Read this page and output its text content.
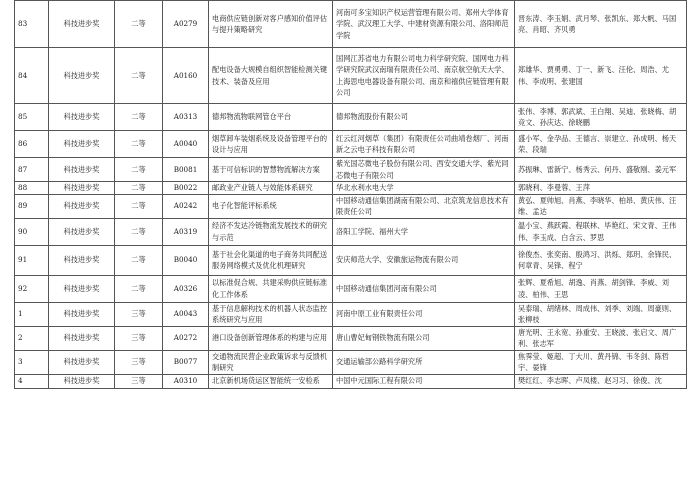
83	科技进步奖	二等	A0279	电商供应链创新对客户感知价值评估与提升策略研究	河南可多宝知识产权运营管理有限公司、郑州大学体育学院、武汉理工大学、中建材资源有限公司、洛阳师范学院	晋东涛、李玉娟、武月琴、张凯东、郑大帆、马国亮、肖昭、齐贝勇
84	科技进步奖	二等	A0160	配电设备大规模自组织智能检测关键技术、装备及应用	国网江苏省电力有限公司电力科学研究院、国网电力科学研究院武汉南瑞有限责任公司、南京航空航天大学、上海思电电器设备有限公司、南京和禧供应链管理有限公司	郑雄华、贾勇勇、丁一、新飞、汪伦、周浩、尤伟、李成明、张建国
85	科技进步奖	二等	A0313	德邦物流物联网管仓平台	德邦物流股份有限公司	张伟、李博、郭武斌、王白翔、吴迪、张晓梅、胡竞文、孙庆达、徐晓鹏
86	科技进步奖	二等	A0040	烟草卸车装烟系统及设备管理平台的设计与应用	红云红河烟草（集团）有限责任公司曲靖卷烟厂、河南新之云电子科技有限公司	盛小军、金孕品、王德言、崇建立、孙成明、杨天荣、段瑞
87	科技进步奖	二等	B0081	基于可信标识的智慧物流解决方案	紫光国芯微电子股份有限公司、西安交通大学、紫光同芯微电子有限公司	苏振琳、雷新宁、杨秀云、何丹、盛敬刚、姜元军
88	科技进步奖	二等	B0022	邮政业产业链人与效能体系研究	华北水利水电大学	郭晓利、李曼蓉、王萍
89	科技进步奖	二等	A0242	电子化智能评标系统	中国移动通信集团湖南有限公司、北京筑龙信息技术有限责任公司	黄弘、夏帅旭、肖燕、李晓华、柏昂、黄庆伟、汪维、孟达
90	科技进步奖	二等	A0319	经济不发达冷链物流发展技术的研究与示范	洛阳工学院、福州大学	温小宝、燕跃霞、程联林、毕艳红、宋文青、王伟伟、李玉成、白含云、罗思
91	科技进步奖	二等	B0040	基于社会化渠道的电子商务共同配送服务网络模式及优化机理研究	安庆师范大学、安徽旅运物流有限公司	徐俊杰、张奕南、殷鸿习、洪烁、郑玥、余锋民、何章青、吴锋、程宁
92	科技进步奖	二等	A0326	以标准促合规、共建采购供应链标准化工作体系	中国移动通信集团河南有限公司	张辉、夏希旭、胡逸、肖燕、胡剑锋、李威、刘凌、柏伟、王思
1	科技进步奖	三等	A0043	基于信息解构技术的机器人状态监控系统研究与应用	河南中原工业有限责任公司	吴泰瑞、胡绪林、周成伟、刘季、刘端、周豪则、张柳枝
2	科技进步奖	三等	A0272	港口设备创新管理体系的构建与应用	唐山曹妃甸钢铁物流有限公司	唐光明、王永宽、孙重安、王晓波、张启文、周广利、张志军
3	科技进步奖	三等	B0077	交通物流民营企业政策诉求与反馈机制研究	交通运输部公路科学研究所	焦霁莹、姬超、丁大川、黄丹锦、韦冬剑、陈哲宇、晏锋
4	科技进步奖	三等	A0310	北京新机场货运区智能统一安检系	中国中元国际工程有限公司	樊红红、李志晖、卢凤楼、赵习习、徐俊、沈
